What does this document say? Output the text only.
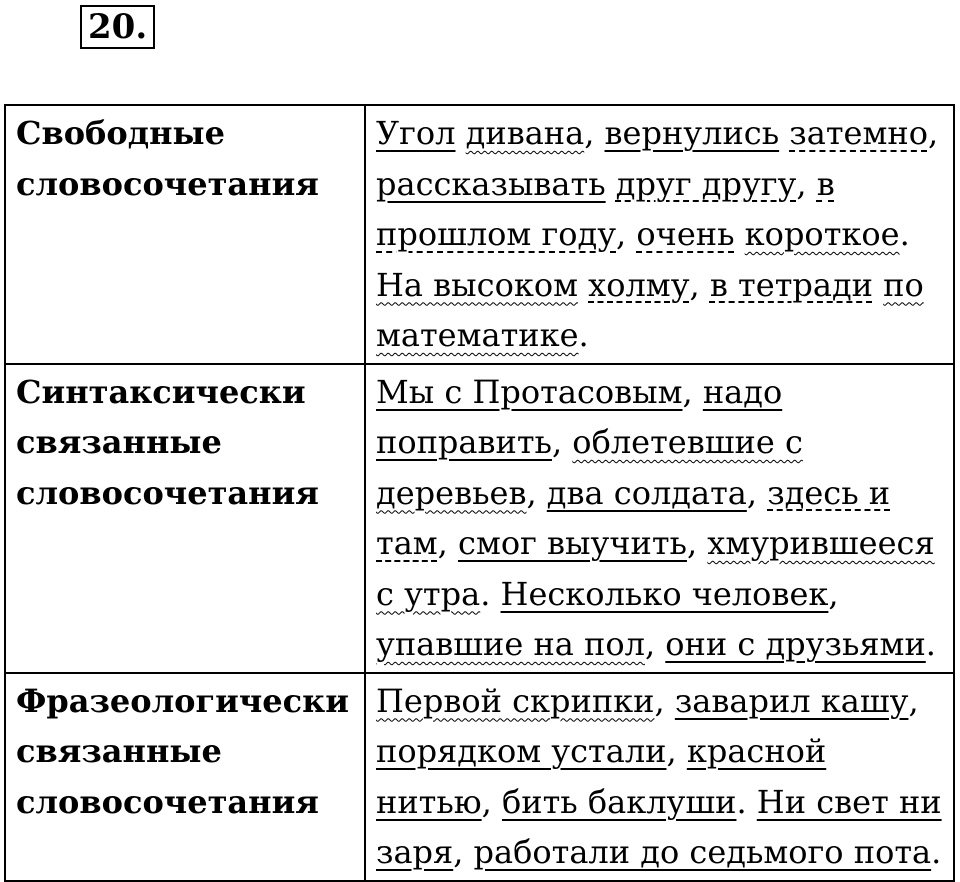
20.
Свободные словосочетания	Угол дивана, вернулись затемно, рассказывать друг другу, в прошлом году, очень короткое. На высоком холму, в тетради по математике.
Синтаксически связанные словосочетания	Мы с Протасовым, надо поправить, облетевшие с деревьев, два солдата, здесь и там, смог выучить, хмурившееся с утра. Несколько человек, упавшие на пол, они с друзьями.
Фразеологически связанные словосочетания	Первой скрипки, заварил кашу, порядком устали, красной нитью, бить баклуши. Ни свет ни заря, работали до седьмого пота.
